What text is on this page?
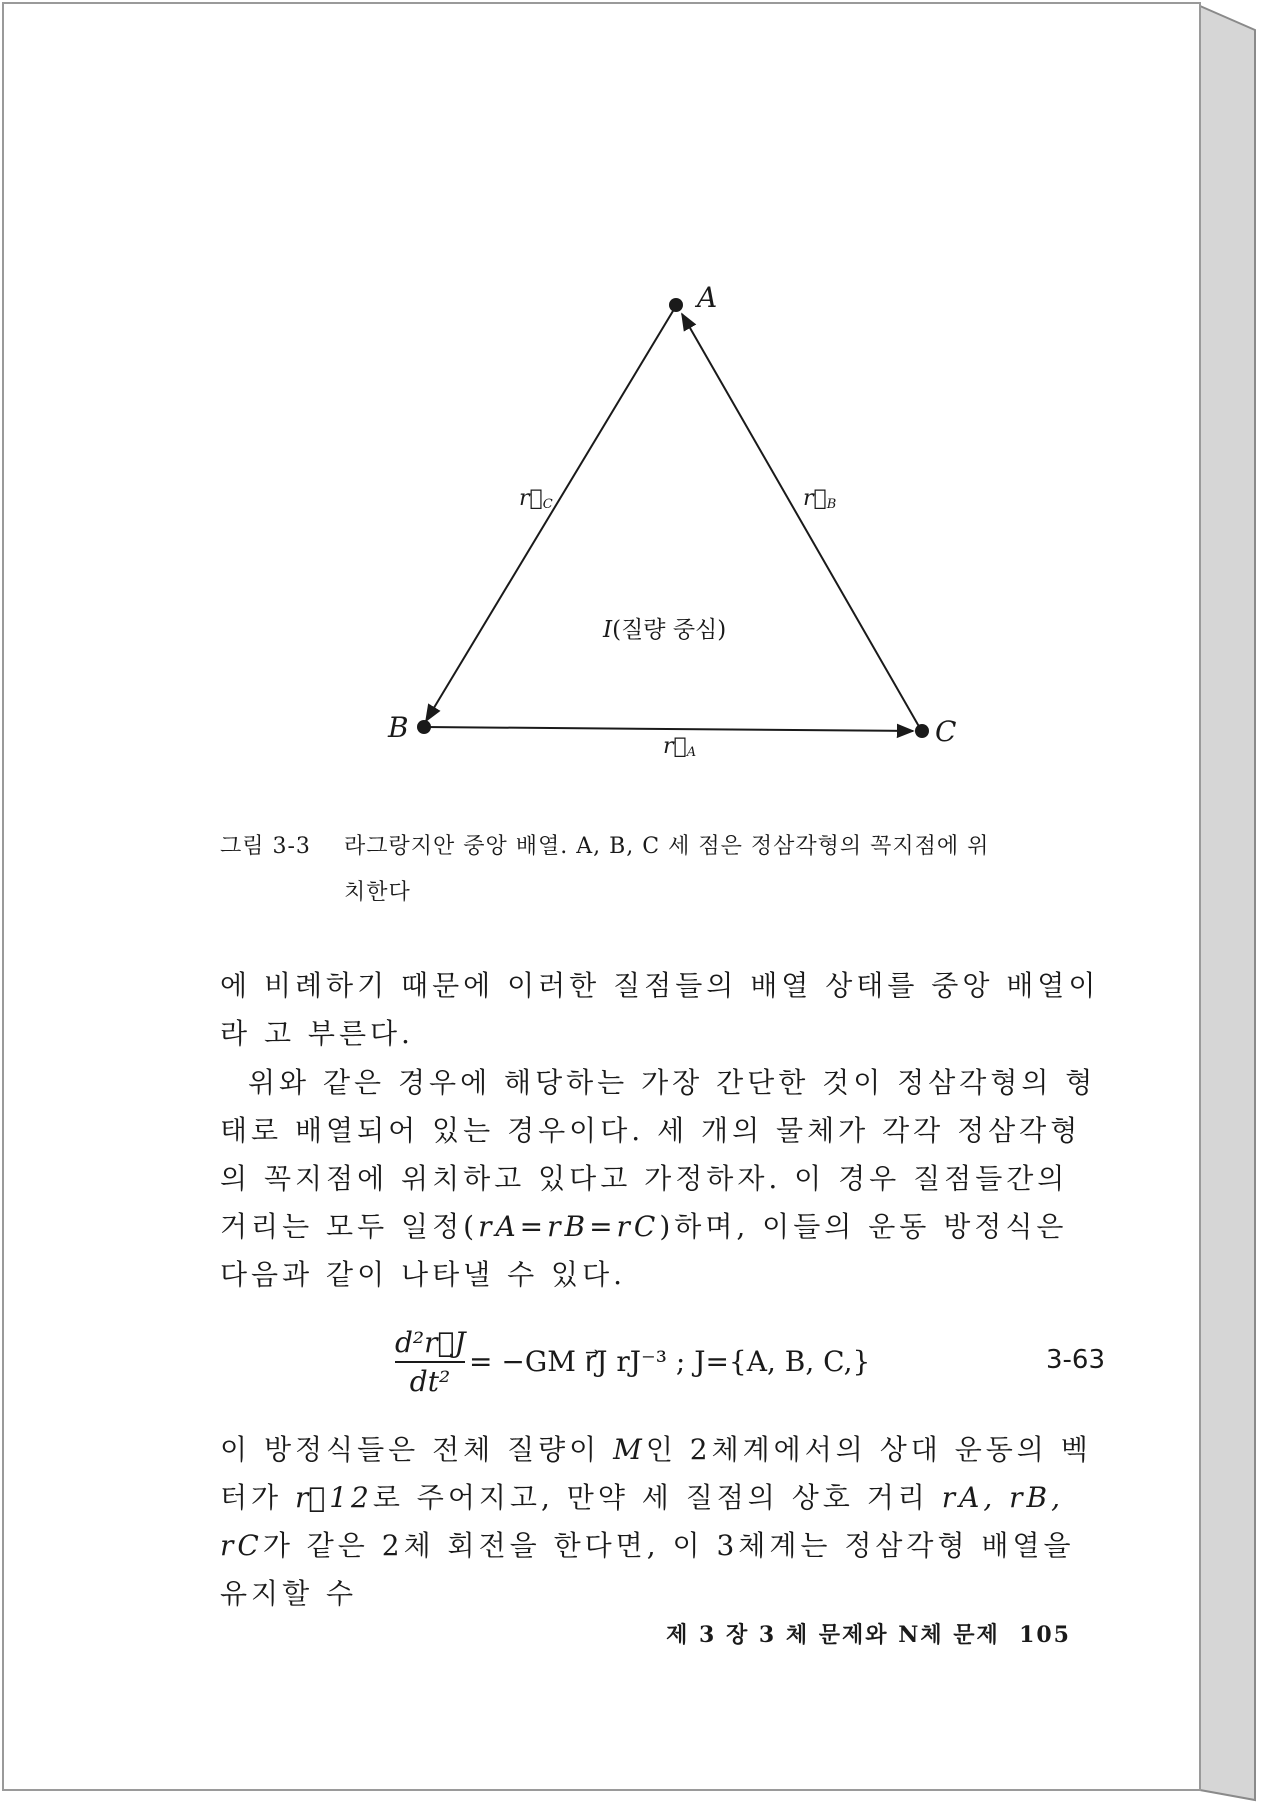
A
B	C
r⃗C	r⃗B
r⃗A
I(질량 중심)
그림 3-3 라그랑지안 중앙 배열. A, B, C 세 점은 정삼각형의 꼭지점에 위
치한다

에 비례하기 때문에 이러한 질점들의 배열 상태를 중앙 배열이라 고 부른다.

위와 같은 경우에 해당하는 가장 간단한 것이 정삼각형의 형태로 배열되어 있는 경우이다. 세 개의 물체가 각각 정삼각형의 꼭지점에 위치하고 있다고 가정하자. 이 경우 질점들간의 거리는 모두 일정(rA=rB=rC)하며, 이들의 운동 방정식은 다음과 같이 나타낼 수 있다.

$\frac{\text{d²r⃗J}}{\text{dt²}} = -GM$ r⃗J rJ⁻³ ; J={A, B, C,}	3-63

이 방정식들은 전체 질량이 M인 2체계에서의 상대 운동의 벡터가 r⃗12로 주어지고, 만약 세 질점의 상호 거리 rA, rB, rC가 같은 2체 회전을 한다면, 이 3체계는 정삼각형 배열을 유지할 수

제 3 장 3 체 문제와 N체 문제 105
